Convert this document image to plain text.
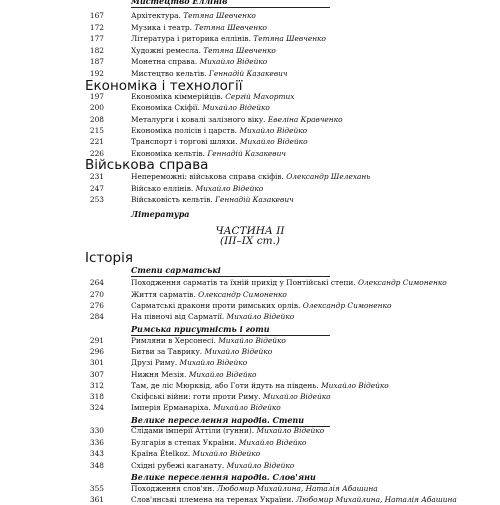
Мистецтво Еллінів
167	Архітектура. Тетяна Шевченко
172	Музика і театр. Тетяна Шевченко
177	Література і риторика еллінів. Тетяна Шевченко
182	Художні ремесла. Тетяна Шевченко
187	Монетна справа. Михайло Відейко
192	Мистецтво кельтів. Геннадій Казакевич
Економіка і технології
197	Економіка кіммерійців. Сергій Махортих
200	Економіка Скіфії. Михайло Відейко
208	Металурги і ковалі залізного віку. Евеліна Кравченко
215	Економіка полісів і царств. Михайло Відейко
221	Транспорт і торгові шляхи. Михайло Відейко
226	Економіка кельтів. Геннадій Казакевич
Військова справа
231	Непереможні: військова справа скіфів. Олександр Шелехань
247	Військо еллінів. Михайло Відейко
253	Військовість кельтів. Геннадій Казакевич
Література
ЧАСТИНА ІІ
(ІІІ–ІХ ст.)
Історія
Степи сарматські
264	Походження сарматів та їхній прихід у Понтійські степи. Олександр Симоненко
270	Життя сарматів. Олександр Симоненко
276	Сарматські дракони проти римських орлів. Олександр Симоненко
284	На півночі від Сарматії. Михайло Відейко
Римська присутність і готи
291	Римляни в Херсонесі. Михайло Відейко
296	Битви за Таврику. Михайло Відейко
301	Друзі Риму. Михайло Відейко
307	Нижня Мезія. Михайло Відейко
312	Там, де ліс Мюрквід, або Готи йдуть на південь. Михайло Відейко
318	Скіфські війни: готи проти Риму. Михайло Відейко
324	Імперія Ерманаріха. Михайло Відейко
Велике переселення народів. Степи
330	Слідами імперії Аттіли (гунни). Михайло Відейко
336	Булгарія в степах України. Михайло Відейко
343	Країна Ételkoz. Михайло Відейко
348	Східні рубежі каганату. Михайло Відейко
Велике переселення народів. Слов'яни
355	Походження слов'ян. Любомир Михайлина, Наталія Абашина
361	Слов'янські племена на теренах України. Любомир Михайлина, Наталія Абашина
